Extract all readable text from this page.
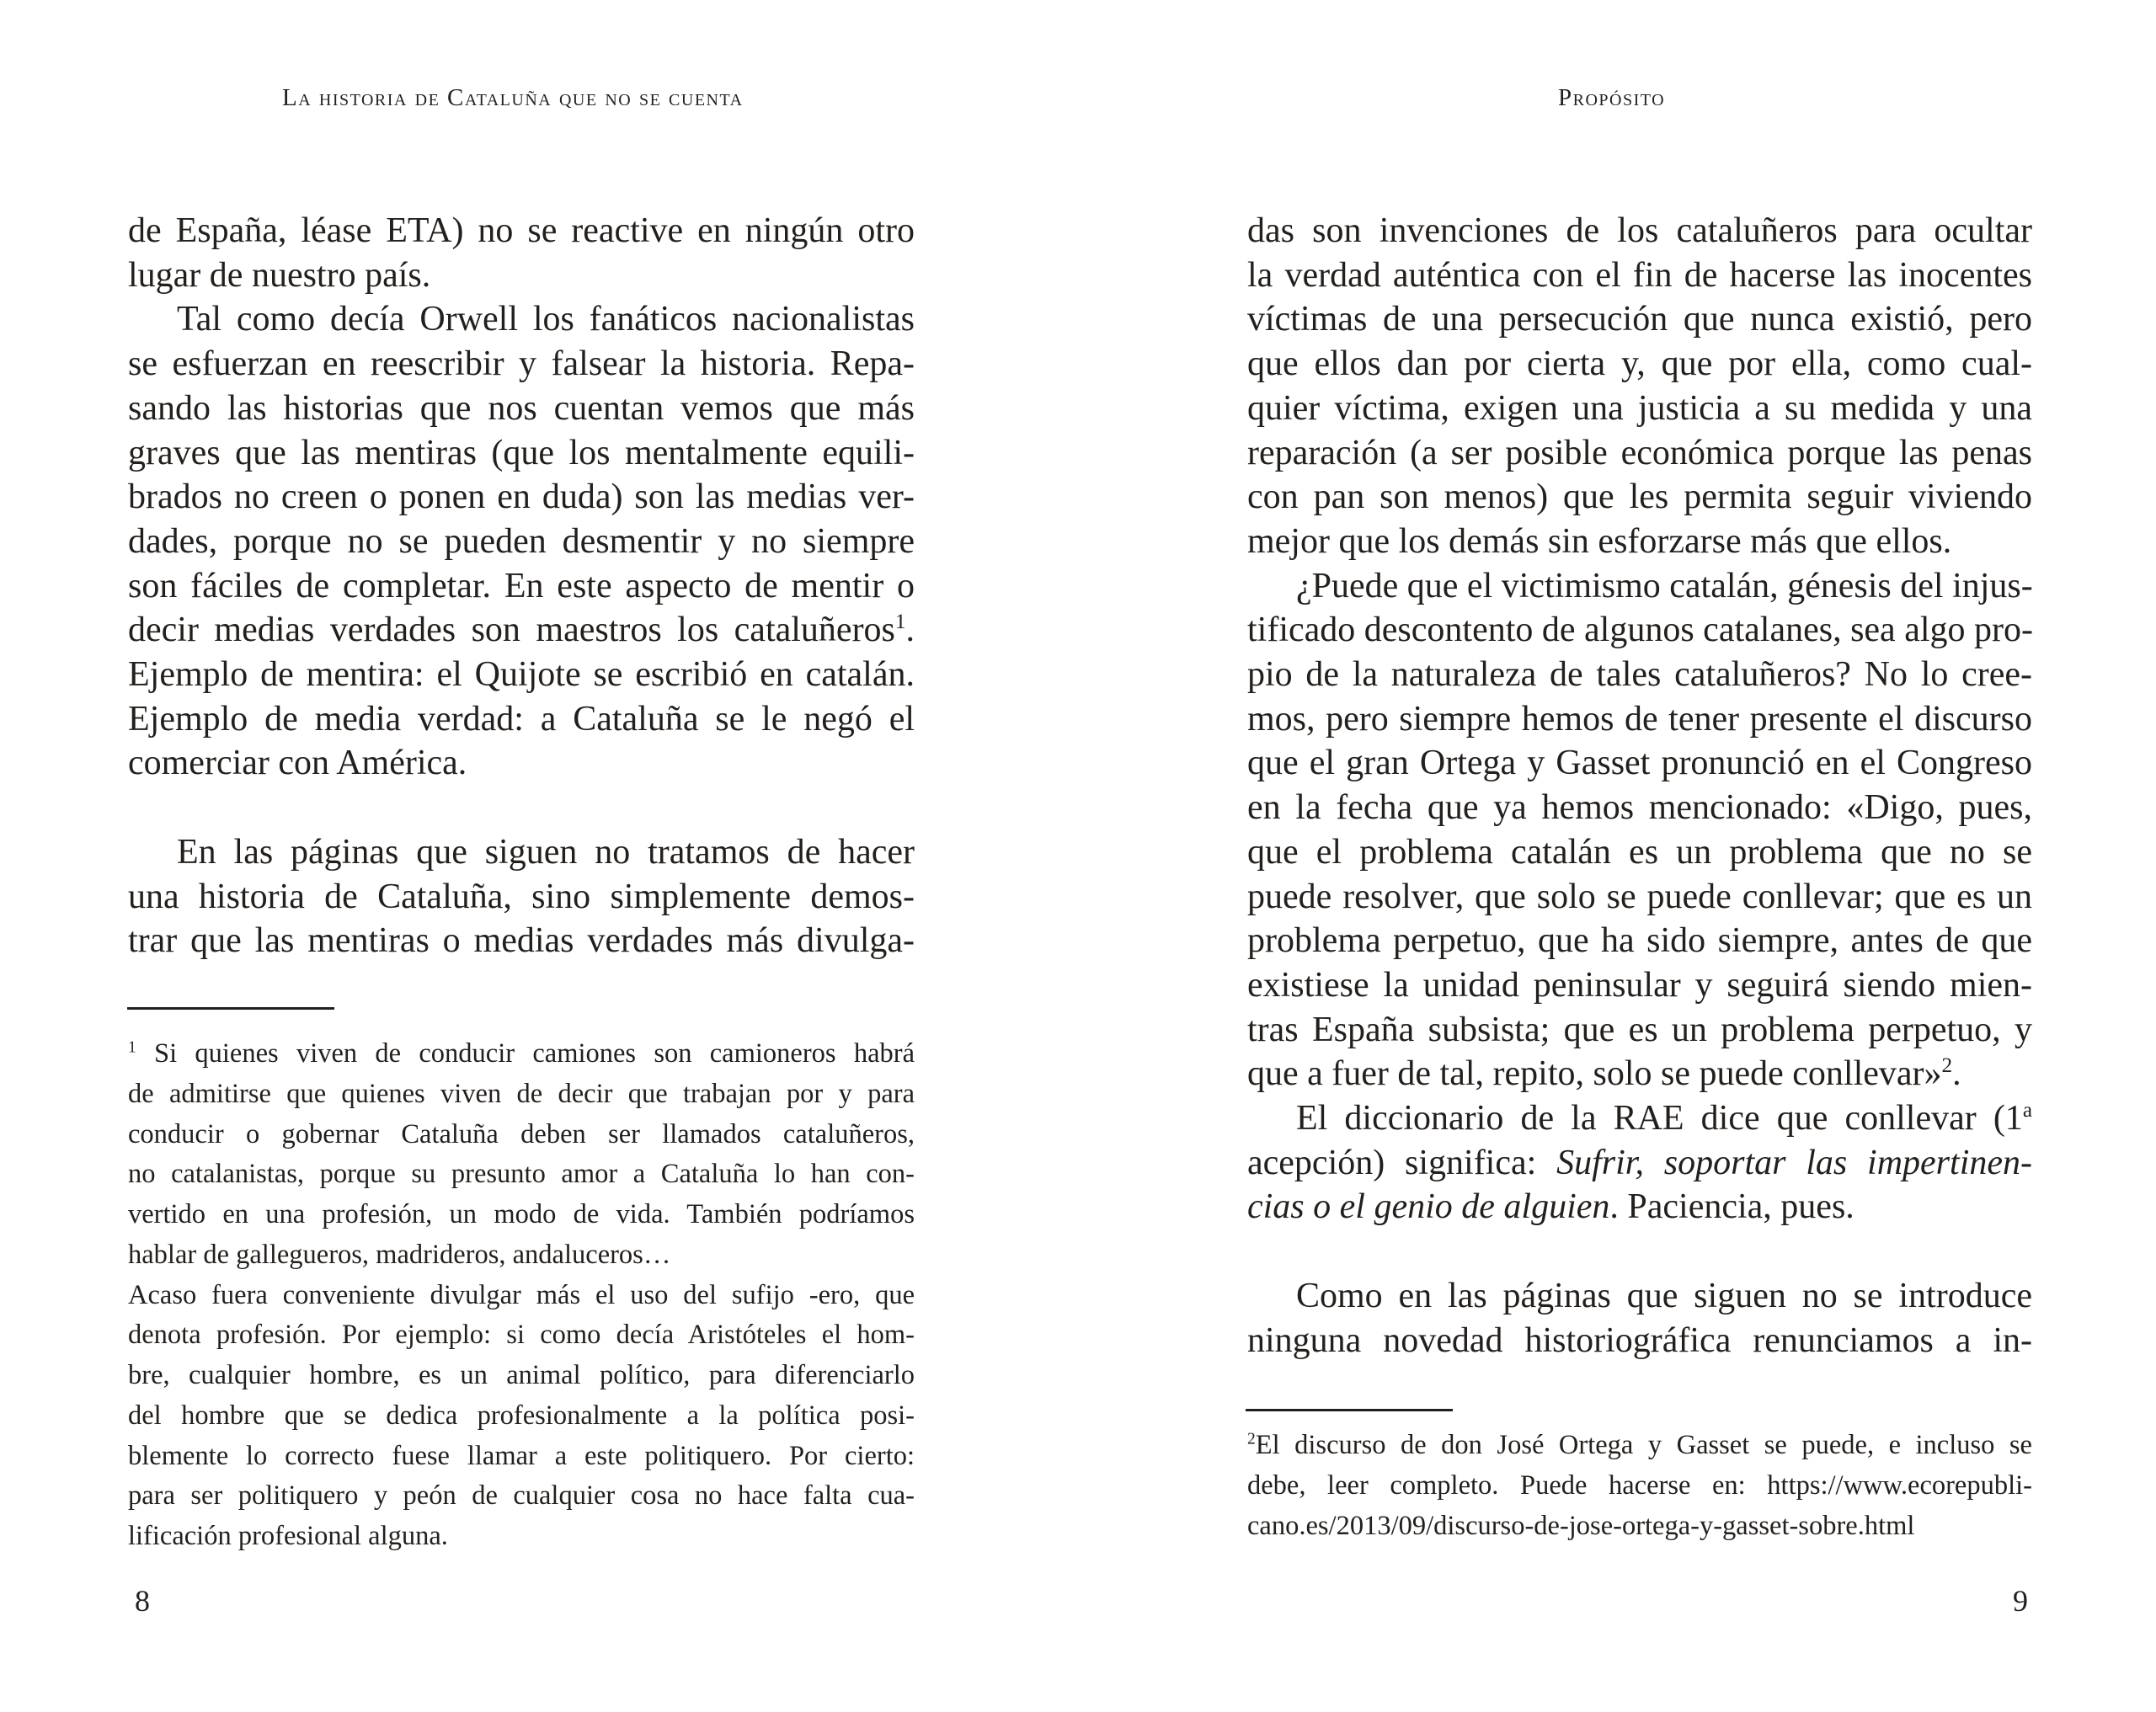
La historia de Cataluña que no se cuenta
de España, léase ETA) no se reactive en ningún otro
lugar de nuestro país.
Tal como decía Orwell los fanáticos nacionalistas
se esfuerzan en reescribir y falsear la historia. Repa-
sando las historias que nos cuentan vemos que más
graves que las mentiras (que los mentalmente equili-
brados no creen o ponen en duda) son las medias ver-
dades, porque no se pueden desmentir y no siempre
son fáciles de completar. En este aspecto de mentir o
decir medias verdades son maestros los cataluñeros$^1$.
Ejemplo de mentira: el Quijote se escribió en catalán.
Ejemplo de media verdad: a Cataluña se le negó el
comerciar con América.
En las páginas que siguen no tratamos de hacer
una historia de Cataluña, sino simplemente demos-
trar que las mentiras o medias verdades más divulga-
$^1$ Si quienes viven de conducir camiones son camioneros habrá
de admitirse que quienes viven de decir que trabajan por y para
conducir o gobernar Cataluña deben ser llamados cataluñeros,
no catalanistas, porque su presunto amor a Cataluña lo han con-
vertido en una profesión, un modo de vida. También podríamos
hablar de gallegueros, madrideros, andaluceros…
Acaso fuera conveniente divulgar más el uso del sufijo -ero, que
denota profesión. Por ejemplo: si como decía Aristóteles el hom-
bre, cualquier hombre, es un animal político, para diferenciarlo
del hombre que se dedica profesionalmente a la política posi-
blemente lo correcto fuese llamar a este politiquero. Por cierto:
para ser politiquero y peón de cualquier cosa no hace falta cua-
lificación profesional alguna.
8
Propósito
das son invenciones de los cataluñeros para ocultar
la verdad auténtica con el fin de hacerse las inocentes
víctimas de una persecución que nunca existió, pero
que ellos dan por cierta y, que por ella, como cual-
quier víctima, exigen una justicia a su medida y una
reparación (a ser posible económica porque las penas
con pan son menos) que les permita seguir viviendo
mejor que los demás sin esforzarse más que ellos.
¿Puede que el victimismo catalán, génesis del injus-
tificado descontento de algunos catalanes, sea algo pro-
pio de la naturaleza de tales cataluñeros? No lo cree-
mos, pero siempre hemos de tener presente el discurso
que el gran Ortega y Gasset pronunció en el Congreso
en la fecha que ya hemos mencionado: «Digo, pues,
que el problema catalán es un problema que no se
puede resolver, que solo se puede conllevar; que es un
problema perpetuo, que ha sido siempre, antes de que
existiese la unidad peninsular y seguirá siendo mien-
tras España subsista; que es un problema perpetuo, y
que a fuer de tal, repito, solo se puede conllevar»$^2$.
El diccionario de la RAE dice que conllevar (1$^a$
acepción) significa: Sufrir, soportar las impertinen-
cias o el genio de alguien. Paciencia, pues.
Como en las páginas que siguen no se introduce
ninguna novedad historiográfica renunciamos a in-
$^2$El discurso de don José Ortega y Gasset se puede, e incluso se
debe, leer completo. Puede hacerse en: https://www.ecorepubli-
cano.es/2013/09/discurso-de-jose-ortega-y-gasset-sobre.html
9
